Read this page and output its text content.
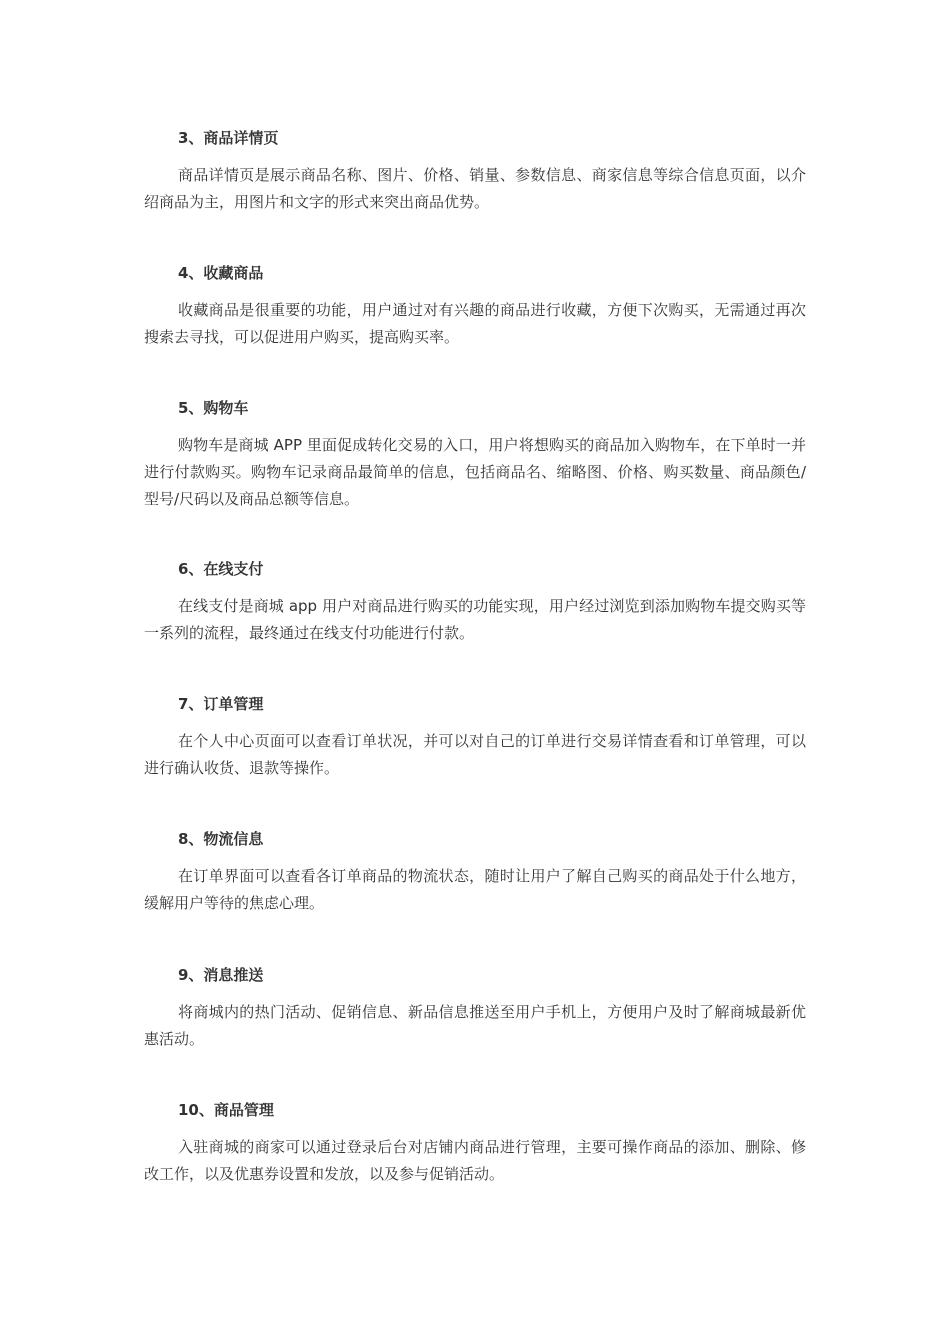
3、商品详情页

商品详情页是展示商品名称、图片、价格、销量、参数信息、商家信息等综合信息页面，以介绍商品为主，用图片和文字的形式来突出商品优势。

4、收藏商品

收藏商品是很重要的功能，用户通过对有兴趣的商品进行收藏，方便下次购买，无需通过再次搜索去寻找，可以促进用户购买，提高购买率。

5、购物车

购物车是商城 APP 里面促成转化交易的入口，用户将想购买的商品加入购物车，在下单时一并进行付款购买。购物车记录商品最简单的信息，包括商品名、缩略图、价格、购买数量、商品颜色/型号/尺码以及商品总额等信息。

6、在线支付

在线支付是商城 app 用户对商品进行购买的功能实现，用户经过浏览到添加购物车提交购买等一系列的流程，最终通过在线支付功能进行付款。

7、订单管理

在个人中心页面可以查看订单状况，并可以对自己的订单进行交易详情查看和订单管理，可以进行确认收货、退款等操作。

8、物流信息

在订单界面可以查看各订单商品的物流状态，随时让用户了解自己购买的商品处于什么地方，缓解用户等待的焦虑心理。

9、消息推送

将商城内的热门活动、促销信息、新品信息推送至用户手机上，方便用户及时了解商城最新优惠活动。

10、商品管理

入驻商城的商家可以通过登录后台对店铺内商品进行管理，主要可操作商品的添加、删除、修改工作，以及优惠券设置和发放，以及参与促销活动。
